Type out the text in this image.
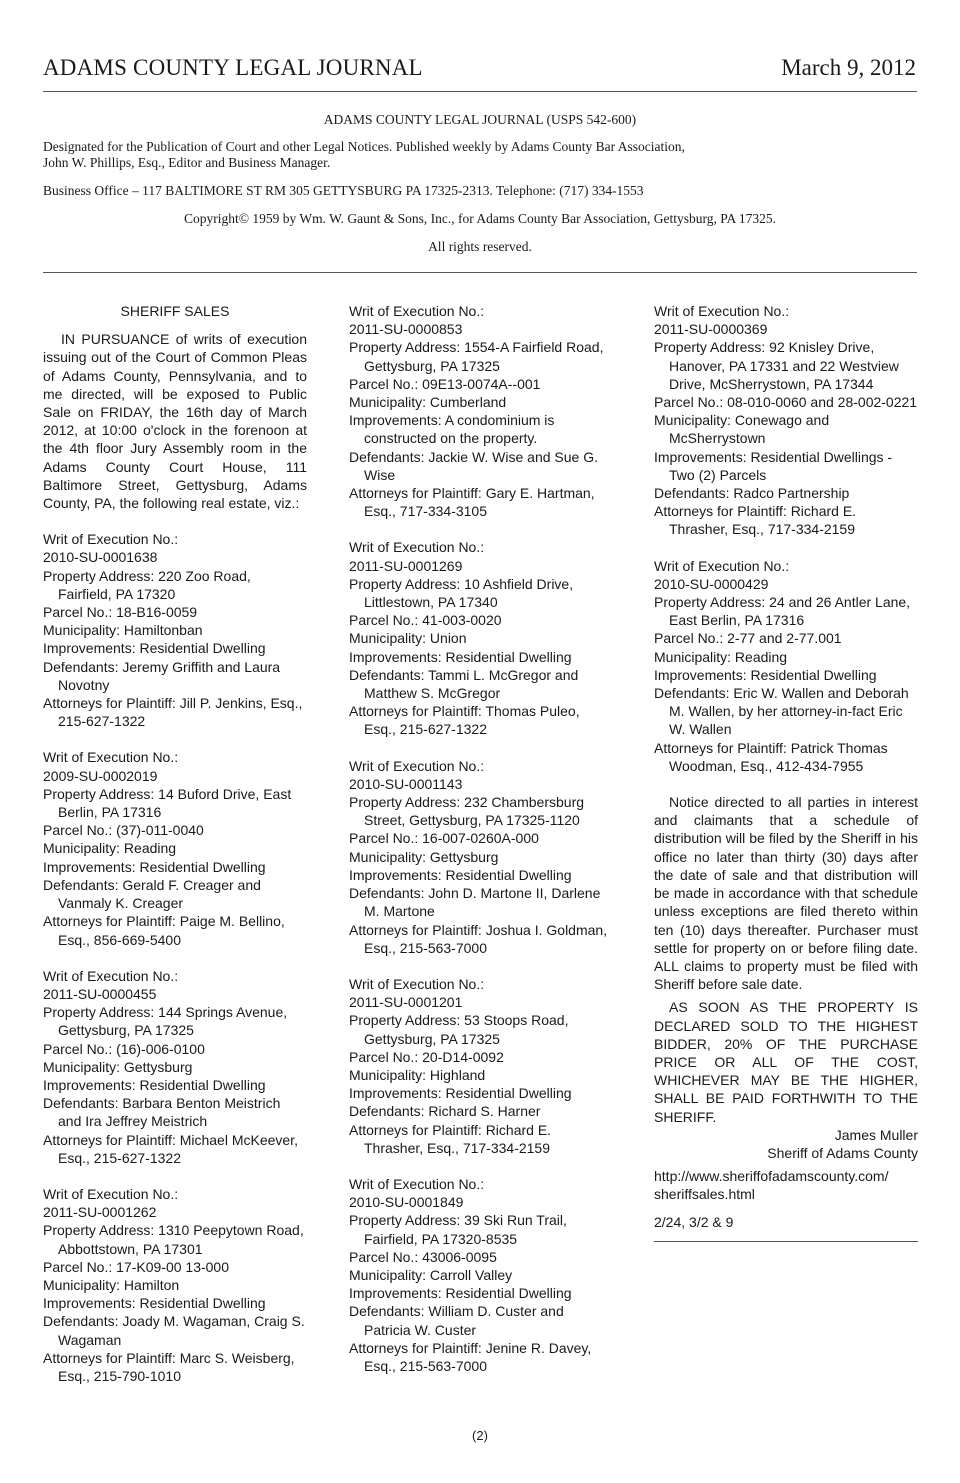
ADAMS COUNTY LEGAL JOURNAL	March 9, 2012
ADAMS COUNTY LEGAL JOURNAL (USPS 542-600)
Designated for the Publication of Court and other Legal Notices. Published weekly by Adams County Bar Association,
John W. Phillips, Esq., Editor and Business Manager.
Business Office – 117 BALTIMORE ST RM 305 GETTYSBURG PA 17325-2313. Telephone: (717) 334-1553
Copyright© 1959 by Wm. W. Gaunt & Sons, Inc., for Adams County Bar Association, Gettysburg, PA 17325.
All rights reserved.
SHERIFF SALES

IN PURSUANCE of writs of execution issuing out of the Court of Common Pleas of Adams County, Pennsylvania, and to me directed, will be exposed to Public Sale on FRIDAY, the 16th day of March 2012, at 10:00 o'clock in the forenoon at the 4th floor Jury Assembly room in the Adams County Court House, 111 Baltimore Street, Gettysburg, Adams County, PA, the following real estate, viz.:

Writ of Execution No.:
2010-SU-0001638
Property Address: 220 Zoo Road, Fairfield, PA 17320
Parcel No.: 18-B16-0059
Municipality: Hamiltonban
Improvements: Residential Dwelling
Defendants: Jeremy Griffith and Laura Novotny
Attorneys for Plaintiff: Jill P. Jenkins, Esq., 215-627-1322
Writ of Execution No.:
2009-SU-0002019
Property Address: 14 Buford Drive, East Berlin, PA 17316
Parcel No.: (37)-011-0040
Municipality: Reading
Improvements: Residential Dwelling
Defendants: Gerald F. Creager and Vanmaly K. Creager
Attorneys for Plaintiff: Paige M. Bellino, Esq., 856-669-5400
Writ of Execution No.:
2011-SU-0000455
Property Address: 144 Springs Avenue, Gettysburg, PA 17325
Parcel No.: (16)-006-0100
Municipality: Gettysburg
Improvements: Residential Dwelling
Defendants: Barbara Benton Meistrich and Ira Jeffrey Meistrich
Attorneys for Plaintiff: Michael McKeever, Esq., 215-627-1322
Writ of Execution No.:
2011-SU-0001262
Property Address: 1310 Peepytown Road, Abbottstown, PA 17301
Parcel No.: 17-K09-00 13-000
Municipality: Hamilton
Improvements: Residential Dwelling
Defendants: Joady M. Wagaman, Craig S. Wagaman
Attorneys for Plaintiff: Marc S. Weisberg, Esq., 215-790-1010
Writ of Execution No.:
2011-SU-0000853
Property Address: 1554-A Fairfield Road, Gettysburg, PA 17325
Parcel No.: 09E13-0074A--001
Municipality: Cumberland
Improvements: A condominium is constructed on the property.
Defendants: Jackie W. Wise and Sue G. Wise
Attorneys for Plaintiff: Gary E. Hartman, Esq., 717-334-3105
Writ of Execution No.:
2011-SU-0001269
Property Address: 10 Ashfield Drive, Littlestown, PA 17340
Parcel No.: 41-003-0020
Municipality: Union
Improvements: Residential Dwelling
Defendants: Tammi L. McGregor and Matthew S. McGregor
Attorneys for Plaintiff: Thomas Puleo, Esq., 215-627-1322
Writ of Execution No.:
2010-SU-0001143
Property Address: 232 Chambersburg Street, Gettysburg, PA 17325-1120
Parcel No.: 16-007-0260A-000
Municipality: Gettysburg
Improvements: Residential Dwelling
Defendants: John D. Martone II, Darlene M. Martone
Attorneys for Plaintiff: Joshua I. Goldman, Esq., 215-563-7000
Writ of Execution No.:
2011-SU-0001201
Property Address: 53 Stoops Road, Gettysburg, PA 17325
Parcel No.: 20-D14-0092
Municipality: Highland
Improvements: Residential Dwelling
Defendants: Richard S. Harner
Attorneys for Plaintiff: Richard E. Thrasher, Esq., 717-334-2159
Writ of Execution No.:
2010-SU-0001849
Property Address: 39 Ski Run Trail, Fairfield, PA 17320-8535
Parcel No.: 43006-0095
Municipality: Carroll Valley
Improvements: Residential Dwelling
Defendants: William D. Custer and Patricia W. Custer
Attorneys for Plaintiff: Jenine R. Davey, Esq., 215-563-7000
Writ of Execution No.:
2011-SU-0000369
Property Address: 92 Knisley Drive, Hanover, PA 17331 and 22 Westview Drive, McSherrystown, PA 17344
Parcel No.: 08-010-0060 and 28-002-0221
Municipality: Conewago and McSherrystown
Improvements: Residential Dwellings - Two (2) Parcels
Defendants: Radco Partnership
Attorneys for Plaintiff: Richard E. Thrasher, Esq., 717-334-2159
Writ of Execution No.:
2010-SU-0000429
Property Address: 24 and 26 Antler Lane, East Berlin, PA 17316
Parcel No.: 2-77 and 2-77.001
Municipality: Reading
Improvements: Residential Dwelling
Defendants: Eric W. Wallen and Deborah M. Wallen, by her attorney-in-fact Eric W. Wallen
Attorneys for Plaintiff: Patrick Thomas Woodman, Esq., 412-434-7955

Notice directed to all parties in interest and claimants that a schedule of distribution will be filed by the Sheriff in his office no later than thirty (30) days after the date of sale and that distribution will be made in accordance with that schedule unless exceptions are filed thereto within ten (10) days thereafter. Purchaser must settle for property on or before filing date. ALL claims to property must be filed with Sheriff before sale date.

AS SOON AS THE PROPERTY IS DECLARED SOLD TO THE HIGHEST BIDDER, 20% OF THE PURCHASE PRICE OR ALL OF THE COST, WHICHEVER MAY BE THE HIGHER, SHALL BE PAID FORTHWITH TO THE SHERIFF.

James Muller
Sheriff of Adams County
http://www.sheriffofadamscounty.com/
sheriffsales.html
2/24, 3/2 & 9
(2)
